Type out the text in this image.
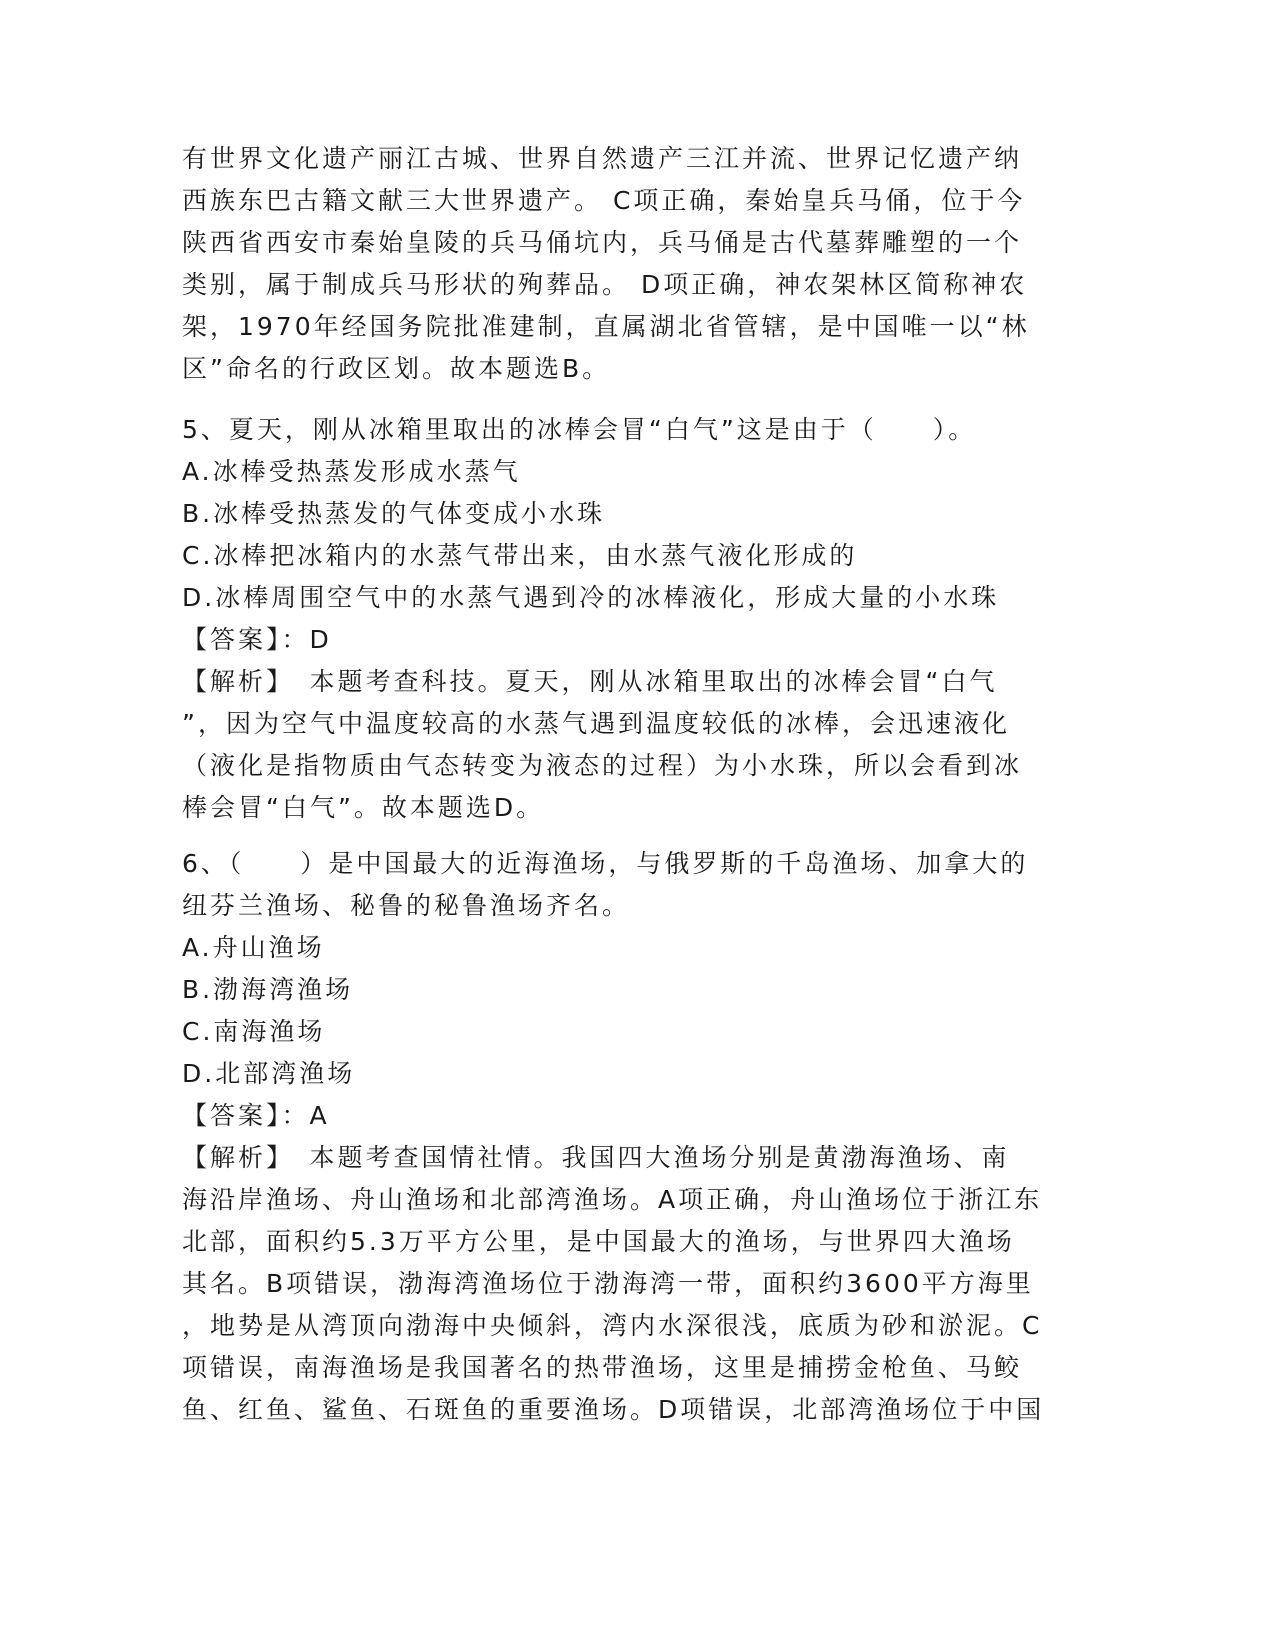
有世界文化遗产丽江古城、世界自然遗产三江并流、世界记忆遗产纳
西族东巴古籍文献三大世界遗产。 C项正确，秦始皇兵马俑，位于今
陕西省西安市秦始皇陵的兵马俑坑内，兵马俑是古代墓葬雕塑的一个
类别，属于制成兵马形状的殉葬品。 D项正确，神农架林区简称神农
架，1970年经国务院批准建制，直属湖北省管辖，是中国唯一以“林
区”命名的行政区划。故本题选B。
5、夏天，刚从冰箱里取出的冰棒会冒“白气”这是由于（　　）。
A.冰棒受热蒸发形成水蒸气
B.冰棒受热蒸发的气体变成小水珠
C.冰棒把冰箱内的水蒸气带出来，由水蒸气液化形成的
D.冰棒周围空气中的水蒸气遇到冷的冰棒液化，形成大量的小水珠
【答案】：D
【解析】　本题考查科技。夏天，刚从冰箱里取出的冰棒会冒“白气
”，因为空气中温度较高的水蒸气遇到温度较低的冰棒，会迅速液化
（液化是指物质由气态转变为液态的过程）为小水珠，所以会看到冰
棒会冒“白气”。故本题选D。
6、（　　）是中国最大的近海渔场，与俄罗斯的千岛渔场、加拿大的
纽芬兰渔场、秘鲁的秘鲁渔场齐名。
A.舟山渔场
B.渤海湾渔场
C.南海渔场
D.北部湾渔场
【答案】：A
【解析】　本题考查国情社情。我国四大渔场分别是黄渤海渔场、南
海沿岸渔场、舟山渔场和北部湾渔场。A项正确，舟山渔场位于浙江东
北部，面积约5.3万平方公里，是中国最大的渔场，与世界四大渔场
其名。B项错误，渤海湾渔场位于渤海湾一带，面积约3600平方海里
，地势是从湾顶向渤海中央倾斜，湾内水深很浅，底质为砂和淤泥。C
项错误，南海渔场是我国著名的热带渔场，这里是捕捞金枪鱼、马鲛
鱼、红鱼、鲨鱼、石斑鱼的重要渔场。D项错误，北部湾渔场位于中国
